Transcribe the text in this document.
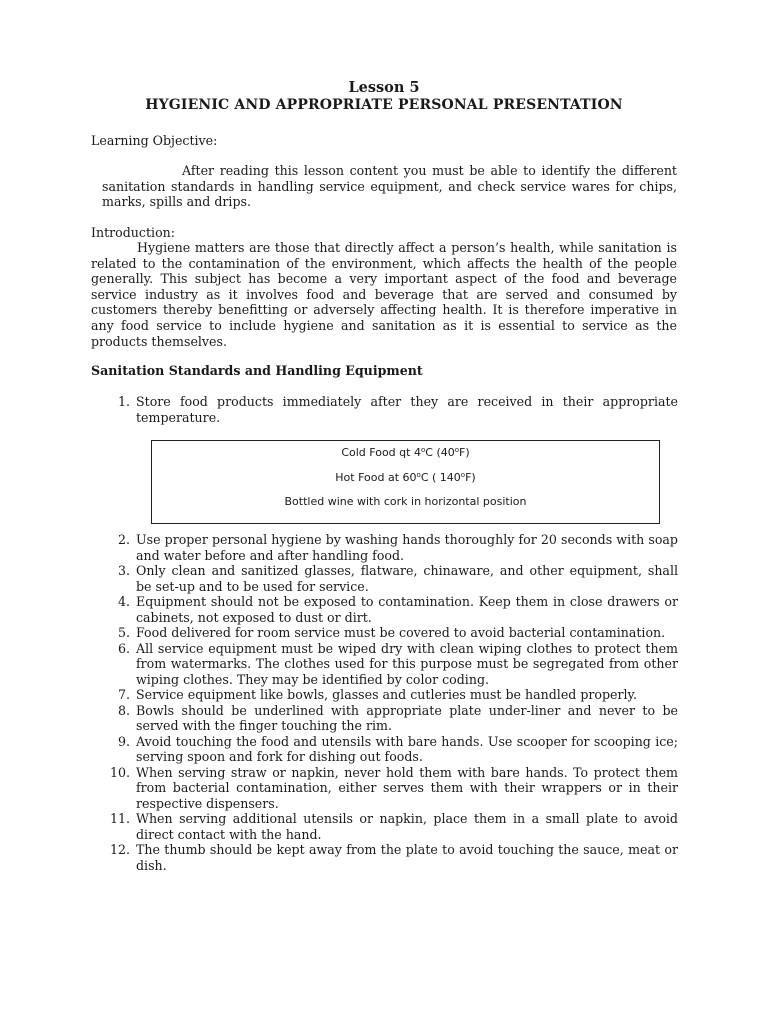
Lesson 5
HYGIENIC AND APPROPRIATE PERSONAL PRESENTATION

Learning Objective:

After reading this lesson content you must be able to identify the different sanitation standards in handling service equipment, and check service wares for chips, marks, spills and drips.

Introduction:

Hygiene matters are those that directly affect a person’s health, while sanitation is related to the contamination of the environment, which affects the health of the people generally. This subject has become a very important aspect of the food and beverage service industry as it involves food and beverage that are served and consumed by customers thereby benefitting or adversely affecting health. It is therefore imperative in any food service to include hygiene and sanitation as it is essential to service as the products themselves.

Sanitation Standards and Handling Equipment
1. Store food products immediately after they are received in their appropriate temperature.
Cold Food qt 4$^o$C (40$^o$F)
Hot Food at 60$^o$C ( 140$^o$F)
Bottled wine with cork in horizontal position
2. Use proper personal hygiene by washing hands thoroughly for 20 seconds with soap and water before and after handling food.
3. Only clean and sanitized glasses, flatware, chinaware, and other equipment, shall be set-up and to be used for service.
4. Equipment should not be exposed to contamination. Keep them in close drawers or cabinets, not exposed to dust or dirt.
5. Food delivered for room service must be covered to avoid bacterial contamination.
6. All service equipment must be wiped dry with clean wiping clothes to protect them from watermarks. The clothes used for this purpose must be segregated from other wiping clothes. They may be identified by color coding.
7. Service equipment like bowls, glasses and cutleries must be handled properly.
8. Bowls should be underlined with appropriate plate under-liner and never to be served with the finger touching the rim.
9. Avoid touching the food and utensils with bare hands. Use scooper for scooping ice; serving spoon and fork for dishing out foods.
10. When serving straw or napkin, never hold them with bare hands. To protect them from bacterial contamination, either serves them with their wrappers or in their respective dispensers.
11. When serving additional utensils or napkin, place them in a small plate to avoid direct contact with the hand.
12. The thumb should be kept away from the plate to avoid touching the sauce, meat or dish.
